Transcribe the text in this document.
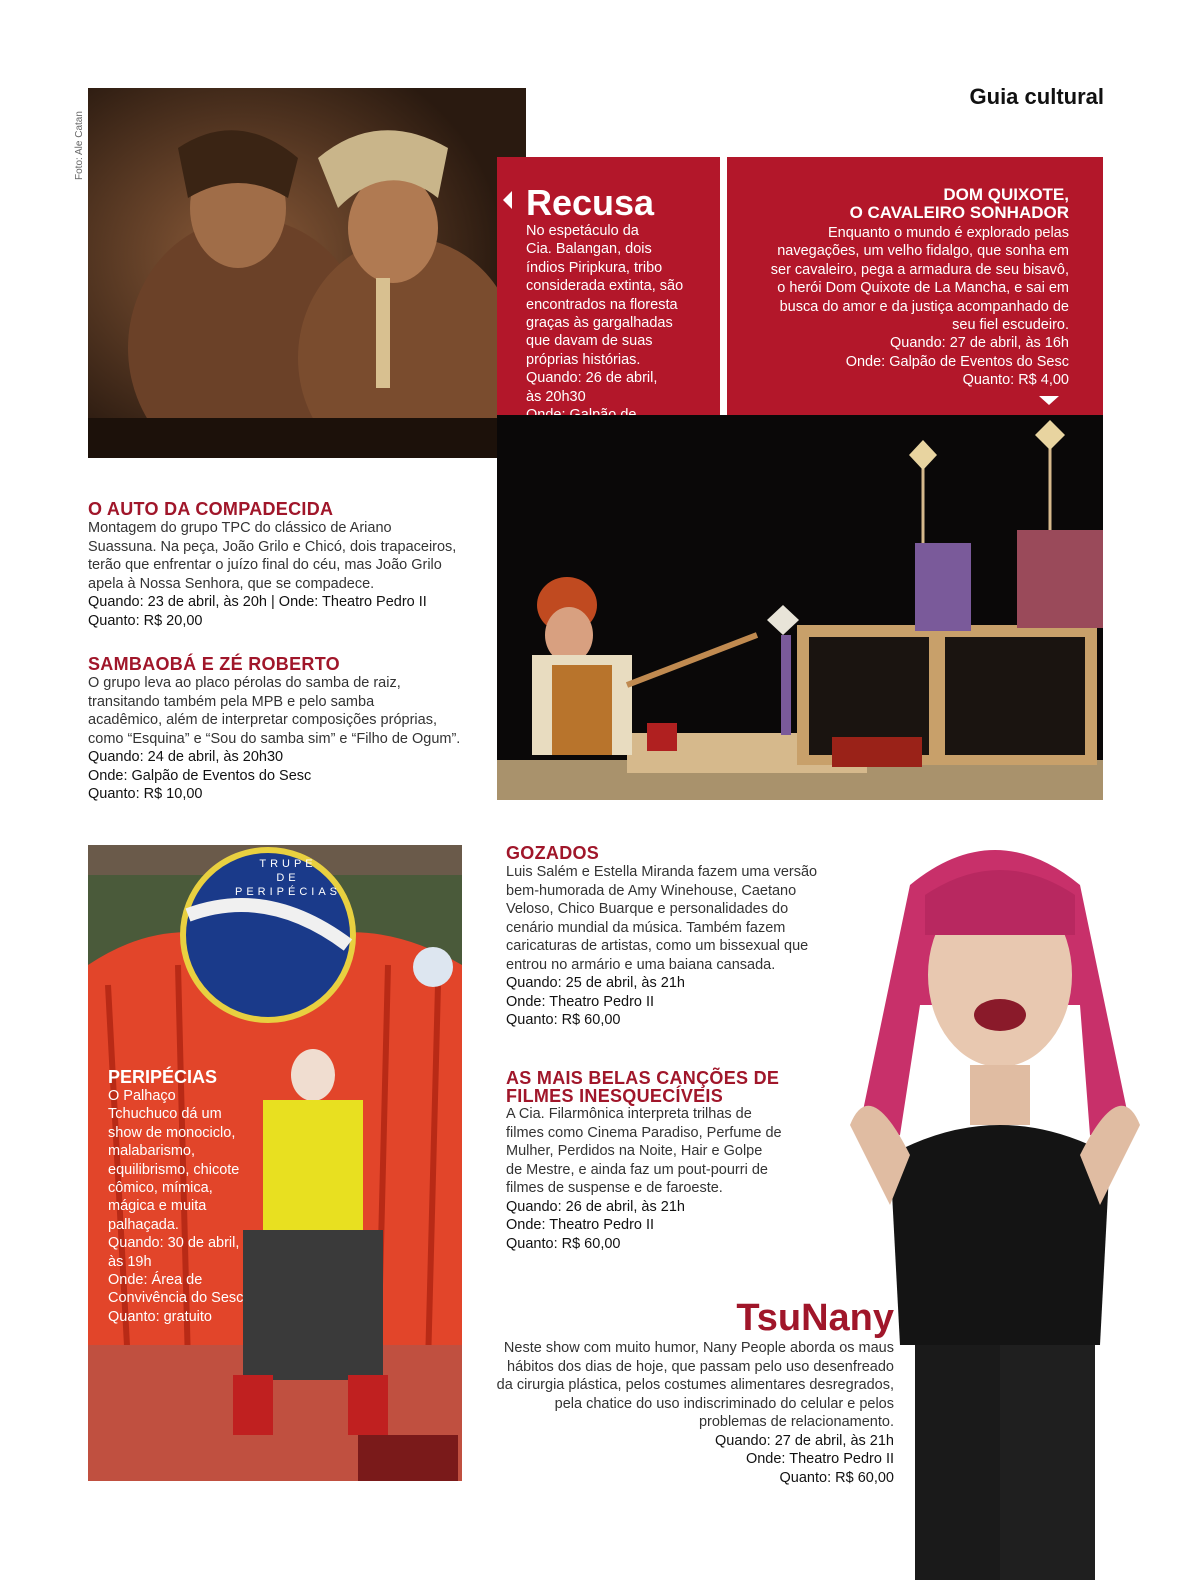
Guia cultural
Foto: Ale Catan
Recusa
No espetáculo da
Cia. Balangan, dois
índios Piripkura, tribo
considerada extinta, são
encontrados na floresta
graças às gargalhadas
que davam de suas
próprias histórias.
Quando: 26 de abril,
às 20h30
DOM QUIXOTE,
O CAVALEIRO SONHADOR
Enquanto o mundo é explorado pelas
navegações, um velho fidalgo, que sonha em
ser cavaleiro, pega a armadura de seu bisavô,
o herói Dom Quixote de La Mancha, e sai em
busca do amor e da justiça acompanhado de
seu fiel escudeiro.
Quando: 27 de abril, às 16h
Onde: Galpão de Eventos do Sesc
Quanto: R$ 4,00
O AUTO DA COMPADECIDA
Montagem do grupo TPC do clássico de Ariano
Suassuna. Na peça, João Grilo e Chicó, dois trapaceiros,
terão que enfrentar o juízo final do céu, mas João Grilo
apela à Nossa Senhora, que se compadece.
Quando: 23 de abril, às 20h | Onde: Theatro Pedro II
Quanto: R$ 20,00
SAMBAOBÁ E ZÉ ROBERTO
O grupo leva ao placo pérolas do samba de raiz,
transitando também pela MPB e pelo samba
acadêmico, além de interpretar composições próprias,
como “Esquina” e “Sou do samba sim” e “Filho de Ogum”.
Quando: 24 de abril, às 20h30
Onde: Galpão de Eventos do Sesc
Quanto: R$ 10,00
TRUPE
DE
PERIPÉCIAS
PERIPÉCIAS
O Palhaço
Tchuchuco dá um
show de monociclo,
malabarismo,
equilibrismo, chicote
cômico, mímica,
mágica e muita
palhaçada.
Quando: 30 de abril,
às 19h
Onde: Área de
Convivência do Sesc
Quanto: gratuito
GOZADOS
Luis Salém e Estella Miranda fazem uma versão
bem-humorada de Amy Winehouse, Caetano
Veloso, Chico Buarque e personalidades do
cenário mundial da música. Também fazem
caricaturas de artistas, como um bissexual que
entrou no armário e uma baiana cansada.
Quando: 25 de abril, às 21h
Onde: Theatro Pedro II
Quanto: R$ 60,00
AS MAIS BELAS CANÇÕES DE
FILMES INESQUECÍVEIS
A Cia. Filarmônica interpreta trilhas de
filmes como Cinema Paradiso, Perfume de
Mulher, Perdidos na Noite, Hair e Golpe
de Mestre, e ainda faz um pout-pourri de
filmes de suspense e de faroeste.
Quando: 26 de abril, às 21h
Onde: Theatro Pedro II
Quanto: R$ 60,00
TsuNany
Neste show com muito humor, Nany People aborda os maus
hábitos dos dias de hoje, que passam pelo uso desenfreado
da cirurgia plástica, pelos costumes alimentares desregrados,
pela chatice do uso indiscriminado do celular e pelos
problemas de relacionamento.
Quando: 27 de abril, às 21h
Onde: Theatro Pedro II
Quanto: R$ 60,00
